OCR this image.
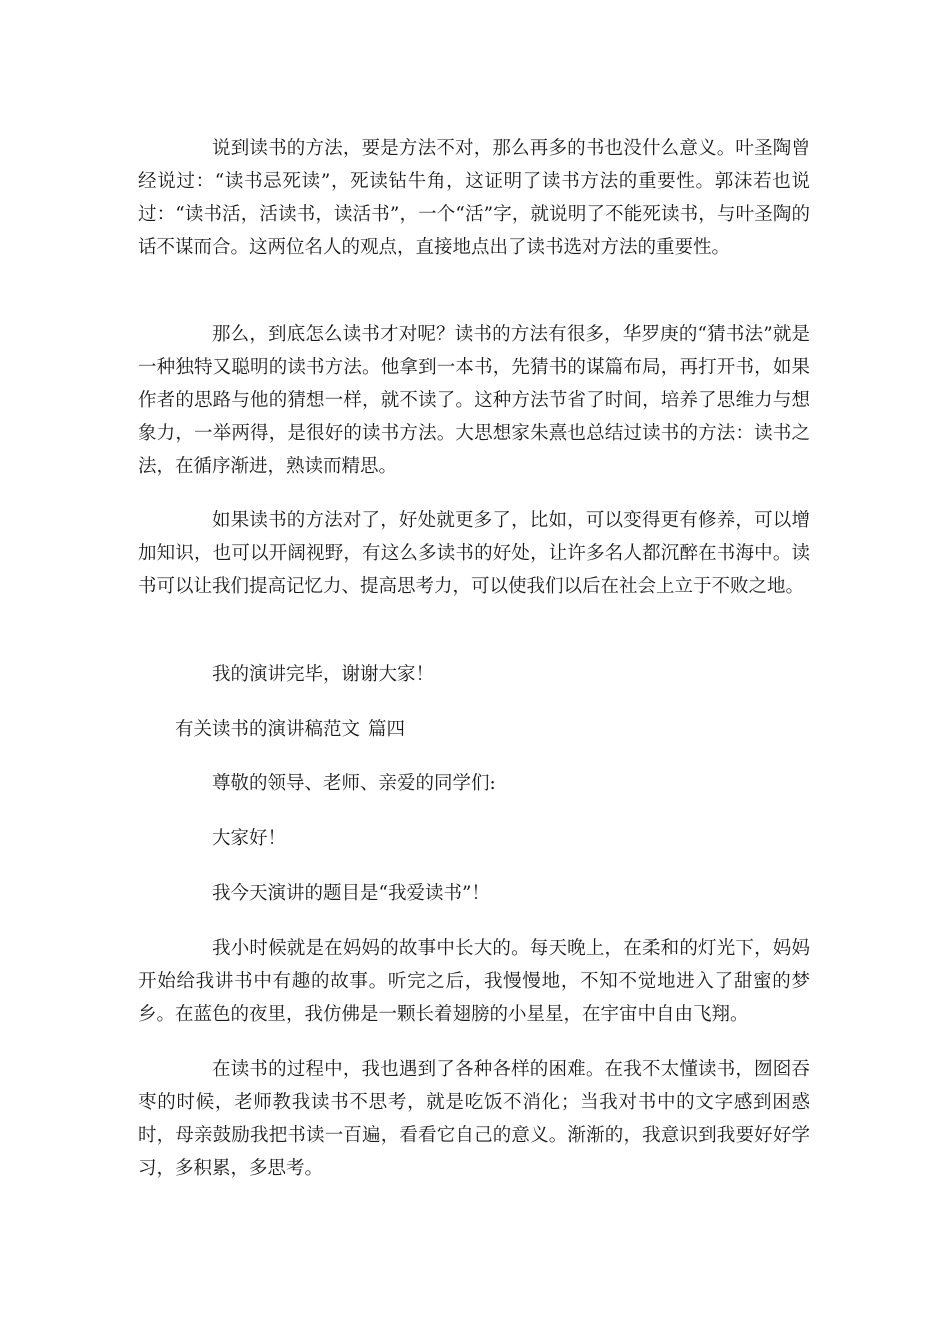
说到读书的方法，要是方法不对，那么再多的书也没什么意义。叶圣陶曾经说过：“读书忌死读”，死读钻牛角，这证明了读书方法的重要性。郭沫若也说过：“读书活，活读书，读活书”，一个“活”字，就说明了不能死读书，与叶圣陶的话不谋而合。这两位名人的观点，直接地点出了读书选对方法的重要性。

那么，到底怎么读书才对呢？读书的方法有很多，华罗庚的“猜书法”就是一种独特又聪明的读书方法。他拿到一本书，先猜书的谋篇布局，再打开书，如果作者的思路与他的猜想一样，就不读了。这种方法节省了时间，培养了思维力与想象力，一举两得，是很好的读书方法。大思想家朱熹也总结过读书的方法：读书之法，在循序渐进，熟读而精思。

如果读书的方法对了，好处就更多了，比如，可以变得更有修养，可以增加知识，也可以开阔视野，有这么多读书的好处，让许多名人都沉醉在书海中。读书可以让我们提高记忆力、提高思考力，可以使我们以后在社会上立于不败之地。

我的演讲完毕，谢谢大家！

有关读书的演讲稿范文 篇四

尊敬的领导、老师、亲爱的同学们:

大家好！

我今天演讲的题目是“我爱读书”！

我小时候就是在妈妈的故事中长大的。每天晚上，在柔和的灯光下，妈妈开始给我讲书中有趣的故事。听完之后，我慢慢地，不知不觉地进入了甜蜜的梦乡。在蓝色的夜里，我仿佛是一颗长着翅膀的小星星，在宇宙中自由飞翔。

在读书的过程中，我也遇到了各种各样的困难。在我不太懂读书，囫囵吞枣的时候，老师教我读书不思考，就是吃饭不消化；当我对书中的文字感到困惑时，母亲鼓励我把书读一百遍，看看它自己的意义。渐渐的，我意识到我要好好学习，多积累，多思考。
